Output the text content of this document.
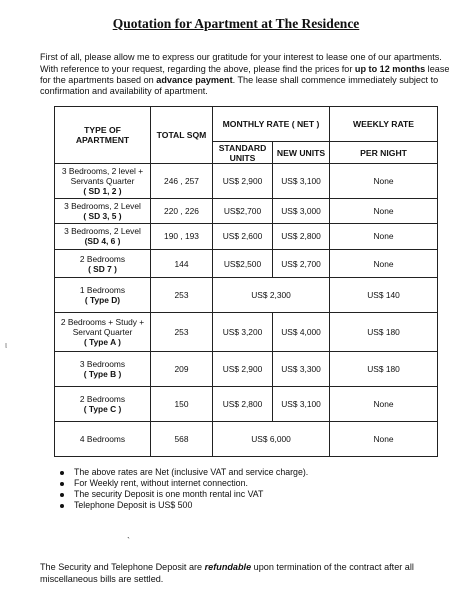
Quotation for Apartment at The Residence

First of all, please allow me to express our gratitude for your interest to lease one of our apartments. With reference to your request, regarding the above, please find the prices for up to 12 months lease for the apartments based on advance payment. The lease shall commence immediately subject to confirmation and availability of apartment.

ι
TYPE OF APARTMENT	TOTAL SQM	MONTHLY RATE ( NET )		WEEKLY RATE
		STANDARD UNITS	NEW UNITS	PER NIGHT
3 Bedrooms, 2 level + Servants Quarter
( SD 1, 2 )	246 , 257	US$ 2,900	US$ 3,100	None
3 Bedrooms, 2 Level
( SD 3, 5 )	220 , 226	US$2,700	US$ 3,000	None
3 Bedrooms, 2 Level
(SD 4, 6 )	190 , 193	US$ 2,600	US$ 2,800	None
2 Bedrooms
( SD 7 )	144	US$2,500	US$ 2,700	None
1 Bedrooms
( Type D)	253	US$ 2,300		US$ 140
2 Bedrooms + Study + Servant Quarter
( Type A )	253	US$ 3,200	US$ 4,000	US$ 180
3 Bedrooms
( Type B )	209	US$ 2,900	US$ 3,300	US$ 180
2 Bedrooms
( Type C )	150	US$ 2,800	US$ 3,100	None
4 Bedrooms	568	US$ 6,000		None
The above rates are Net (inclusive VAT and service charge).
For Weekly rent, without internet connection.
The security Deposit is one month rental inc VAT
Telephone Deposit is US$ 500
`

The Security and Telephone Deposit are refundable upon termination of the contract after all miscellaneous bills are settled.
